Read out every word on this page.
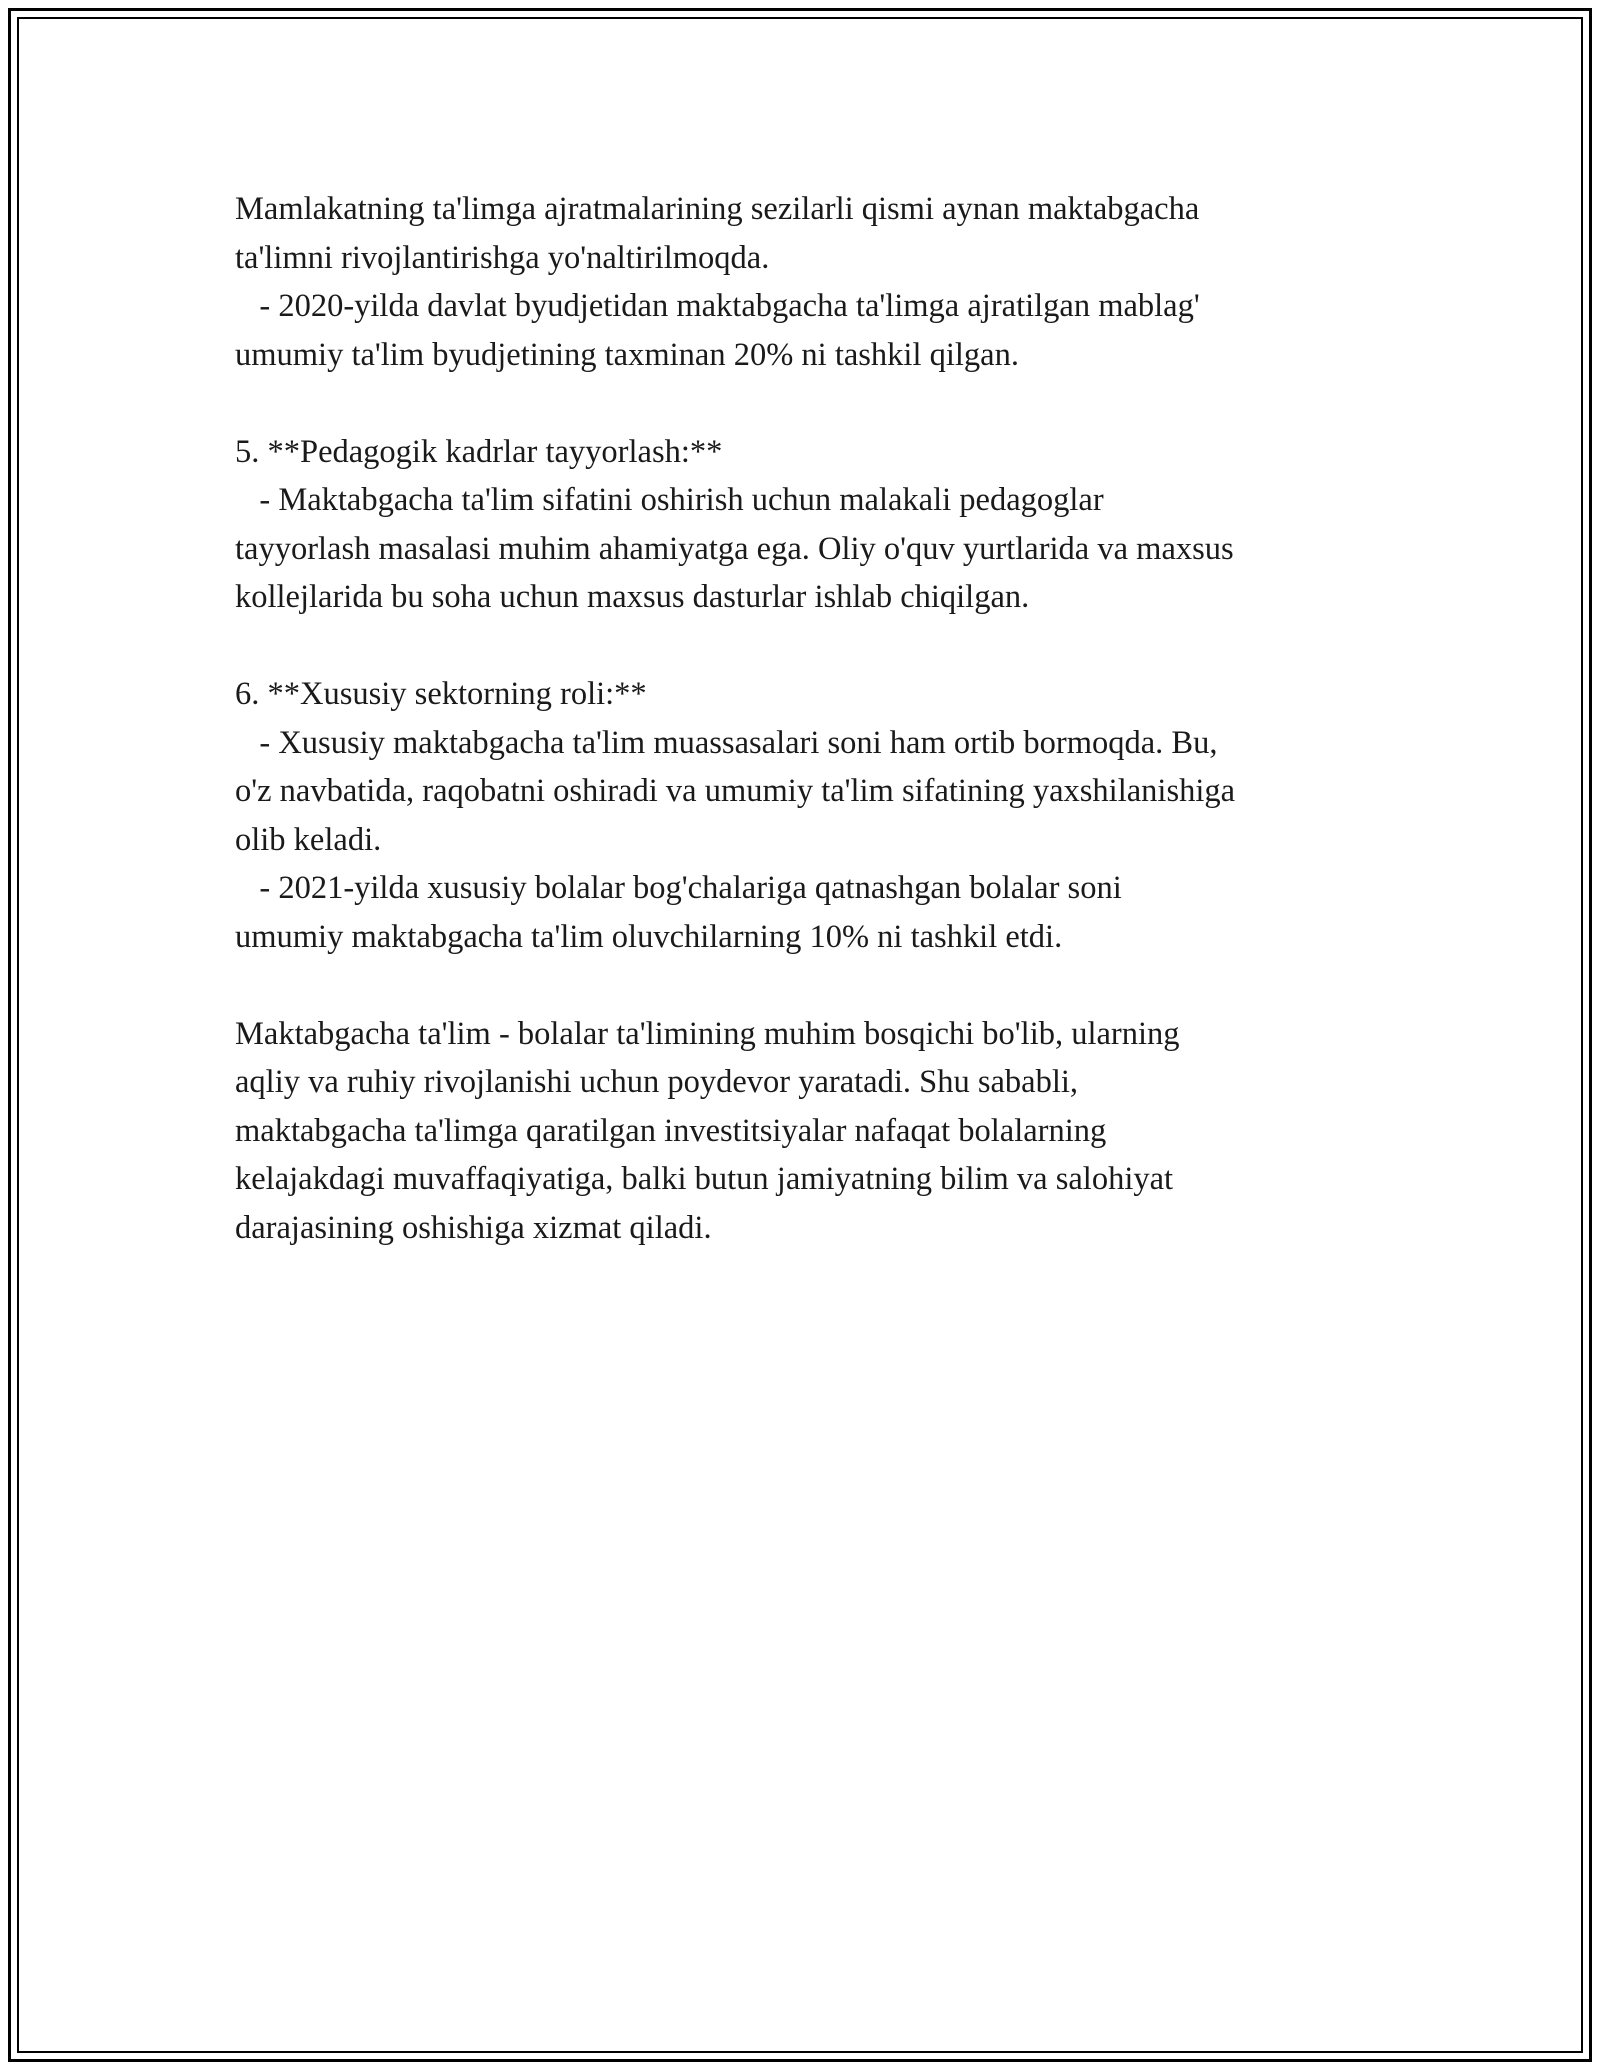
Mamlakatning ta'limga ajratmalarining sezilarli qismi aynan maktabgacha
ta'limni rivojlantirishga yo'naltirilmoqda.
- 2020-yilda davlat byudjetidan maktabgacha ta'limga ajratilgan mablag'
umumiy ta'lim byudjetining taxminan 20% ni tashkil qilgan.
5. **Pedagogik kadrlar tayyorlash:**
- Maktabgacha ta'lim sifatini oshirish uchun malakali pedagoglar
tayyorlash masalasi muhim ahamiyatga ega. Oliy o'quv yurtlarida va maxsus
kollejlarida bu soha uchun maxsus dasturlar ishlab chiqilgan.
6. **Xususiy sektorning roli:**
- Xususiy maktabgacha ta'lim muassasalari soni ham ortib bormoqda. Bu,
o'z navbatida, raqobatni oshiradi va umumiy ta'lim sifatining yaxshilanishiga
olib keladi.
- 2021-yilda xususiy bolalar bog'chalariga qatnashgan bolalar soni
umumiy maktabgacha ta'lim oluvchilarning 10% ni tashkil etdi.
Maktabgacha ta'lim - bolalar ta'limining muhim bosqichi bo'lib, ularning
aqliy va ruhiy rivojlanishi uchun poydevor yaratadi. Shu sababli,
maktabgacha ta'limga qaratilgan investitsiyalar nafaqat bolalarning
kelajakdagi muvaffaqiyatiga, balki butun jamiyatning bilim va salohiyat
darajasining oshishiga xizmat qiladi.
